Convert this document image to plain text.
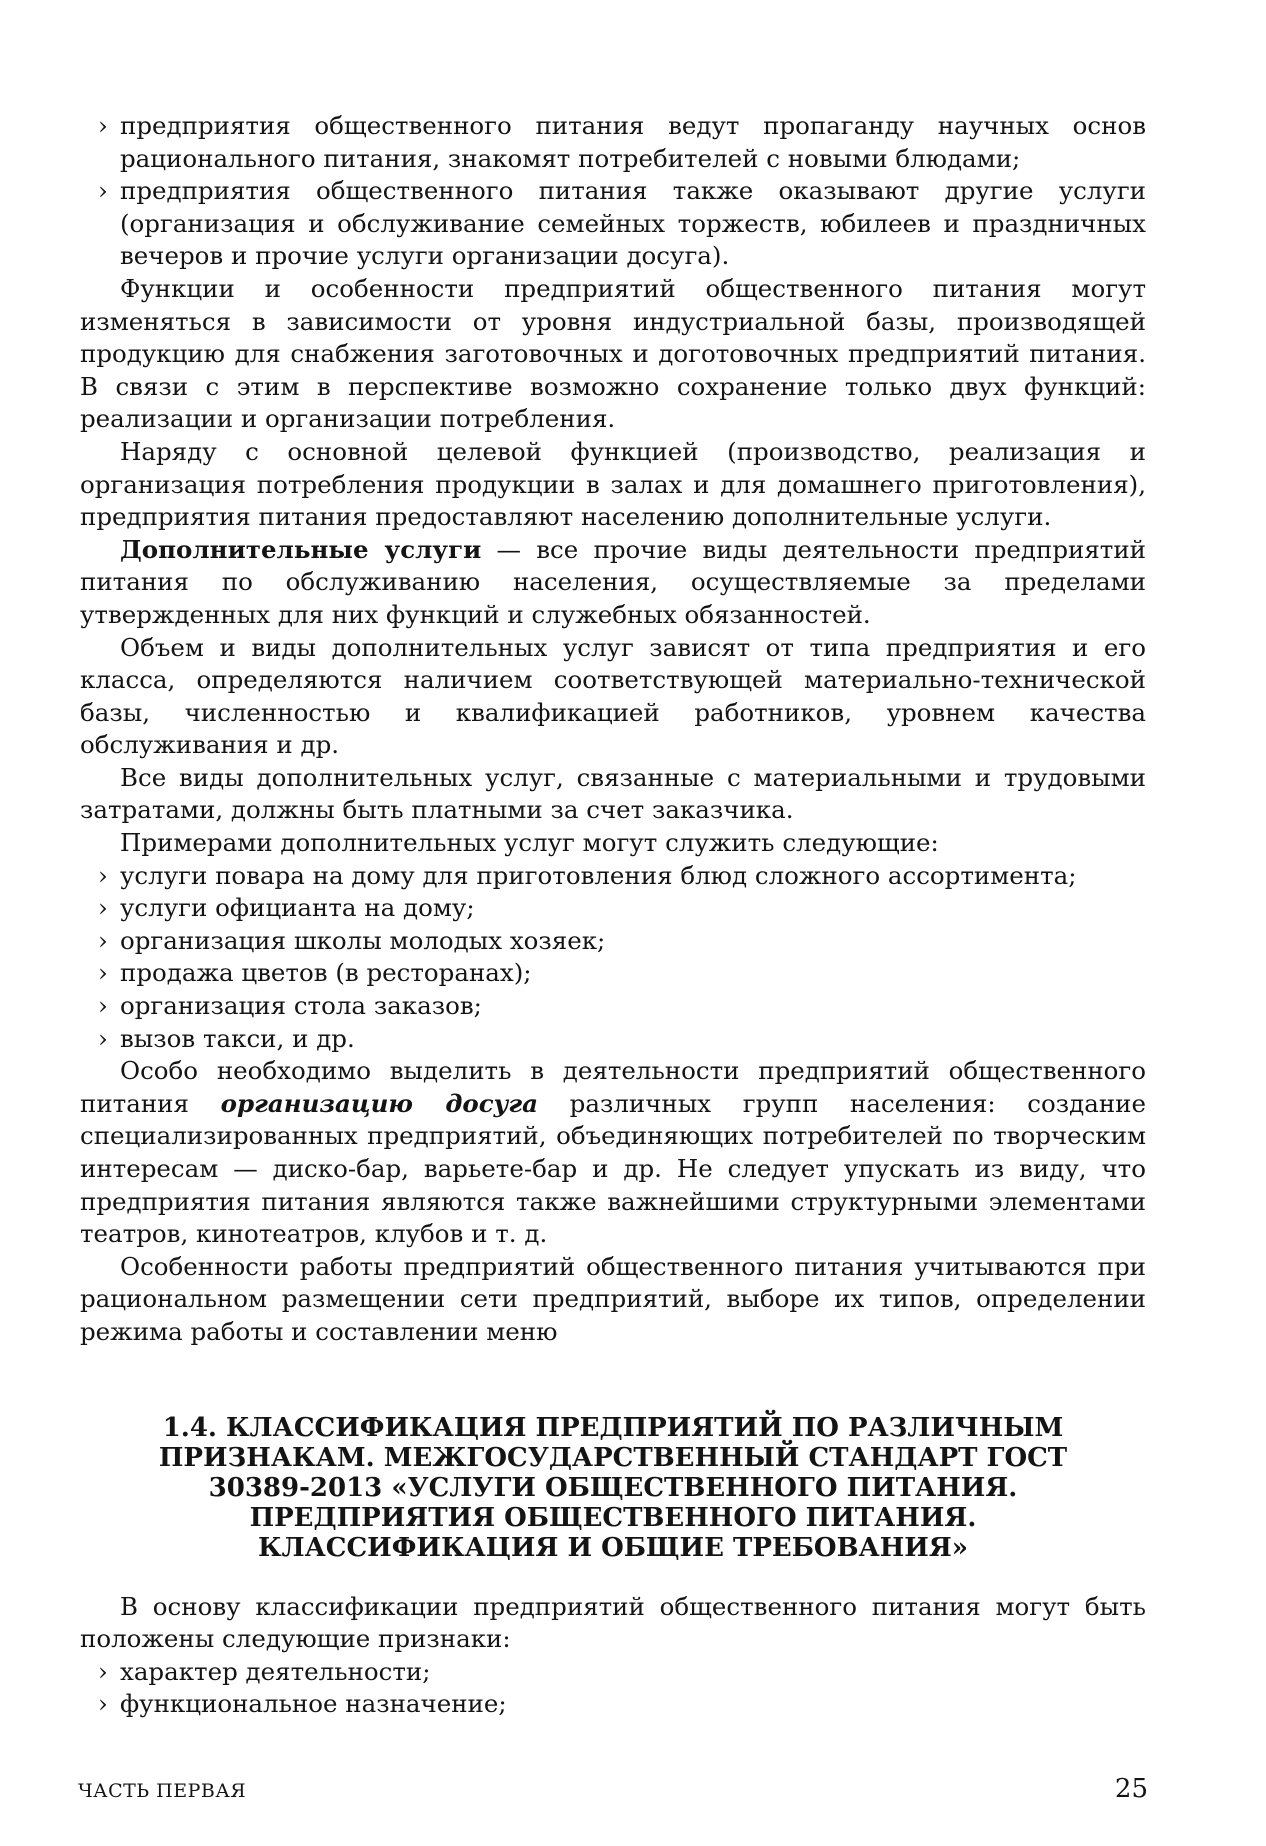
› предприятия общественного питания ведут пропаганду научных основ рационального питания, знакомят потребителей с новыми блюдами;

› предприятия общественного питания также оказывают другие услуги (организация и обслуживание семейных торжеств, юбилеев и праздничных вечеров и прочие услуги организации досуга).

Функции и особенности предприятий общественного питания могут изменяться в зависимости от уровня индустриальной базы, производящей продукцию для снабжения заготовочных и доготовочных предприятий питания. В связи с этим в перспективе возможно сохранение только двух функций: реализации и организации потребления.

Наряду с основной целевой функцией (производство, реализация и организация потребления продукции в залах и для домашнего приготовления), предприятия питания предоставляют населению дополнительные услуги.

Дополнительные услуги — все прочие виды деятельности предприятий питания по обслуживанию населения, осуществляемые за пределами утвержденных для них функций и служебных обязанностей.

Объем и виды дополнительных услуг зависят от типа предприятия и его класса, определяются наличием соответствующей материально-технической базы, численностью и квалификацией работников, уровнем качества обслуживания и др.

Все виды дополнительных услуг, связанные с материальными и трудовыми затратами, должны быть платными за счет заказчика.

Примерами дополнительных услуг могут служить следующие:

› услуги повара на дому для приготовления блюд сложного ассортимента;

› услуги официанта на дому;

› организация школы молодых хозяек;

› продажа цветов (в ресторанах);

› организация стола заказов;

› вызов такси, и др.

Особо необходимо выделить в деятельности предприятий общественного питания организацию досуга различных групп населения: создание специализированных предприятий, объединяющих потребителей по творческим интересам — диско-бар, варьете-бар и др. Не следует упускать из виду, что предприятия питания являются также важнейшими структурными элементами театров, кинотеатров, клубов и т. д.

Особенности работы предприятий общественного питания учитываются при рациональном размещении сети предприятий, выборе их типов, определении режима работы и составлении меню

1.4. КЛАССИФИКАЦИЯ ПРЕДПРИЯТИЙ ПО РАЗЛИЧНЫМ ПРИЗНАКАМ. МЕЖГОСУДАРСТВЕННЫЙ СТАНДАРТ ГОСТ 30389-2013 «УСЛУГИ ОБЩЕСТВЕННОГО ПИТАНИЯ. ПРЕДПРИЯТИЯ ОБЩЕСТВЕННОГО ПИТАНИЯ. КЛАССИФИКАЦИЯ И ОБЩИЕ ТРЕБОВАНИЯ»

В основу классификации предприятий общественного питания могут быть положены следующие признаки:

› характер деятельности;

› функциональное назначение;

ЧАСТЬ ПЕРВАЯ	25
